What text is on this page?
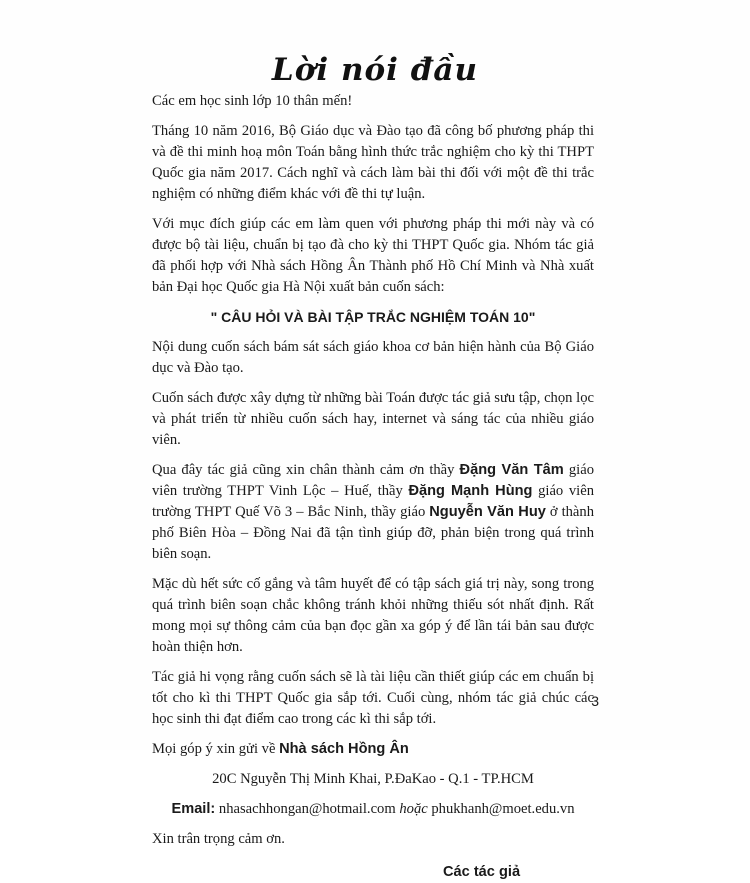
Lời nói đầu

Các em học sinh lớp 10 thân mến!

Tháng 10 năm 2016, Bộ Giáo dục và Đào tạo đã công bố phương pháp thi và đề thi minh hoạ môn Toán bằng hình thức trắc nghiệm cho kỳ thi THPT Quốc gia năm 2017. Cách nghĩ và cách làm bài thi đối với một đề thi trắc nghiệm có những điểm khác với đề thi tự luận.

Với mục đích giúp các em làm quen với phương pháp thi mới này và có được bộ tài liệu, chuẩn bị tạo đà cho kỳ thi THPT Quốc gia. Nhóm tác giả đã phối hợp với Nhà sách Hồng Ân Thành phố Hồ Chí Minh và Nhà xuất bản Đại học Quốc gia Hà Nội xuất bản cuốn sách:

" CÂU HỎI VÀ BÀI TẬP TRẮC NGHIỆM TOÁN 10"

Nội dung cuốn sách bám sát sách giáo khoa cơ bản hiện hành của Bộ Giáo dục và Đào tạo.

Cuốn sách được xây dựng từ những bài Toán được tác giả sưu tập, chọn lọc và phát triển từ nhiều cuốn sách hay, internet và sáng tác của nhiều giáo viên.

Qua đây tác giả cũng xin chân thành cảm ơn thầy Đặng Văn Tâm giáo viên trường THPT Vinh Lộc – Huế, thầy Đặng Mạnh Hùng giáo viên trường THPT Quế Võ 3 – Bắc Ninh, thầy giáo Nguyễn Văn Huy ở thành phố Biên Hòa – Đồng Nai đã tận tình giúp đỡ, phản biện trong quá trình biên soạn.

Mặc dù hết sức cố gắng và tâm huyết để có tập sách giá trị này, song trong quá trình biên soạn chắc không tránh khỏi những thiếu sót nhất định. Rất mong mọi sự thông cảm của bạn đọc gần xa góp ý để lần tái bản sau được hoàn thiện hơn.

Tác giả hi vọng rằng cuốn sách sẽ là tài liệu cần thiết giúp các em chuẩn bị tốt cho kì thi THPT Quốc gia sắp tới. Cuối cùng, nhóm tác giả chúc các học sinh thi đạt điểm cao trong các kì thi sắp tới.

Mọi góp ý xin gửi về Nhà sách Hồng Ân

20C Nguyễn Thị Minh Khai, P.ĐaKao - Q.1 - TP.HCM

Email: nhasachhongan@hotmail.com hoặc phukhanh@moet.edu.vn

Xin trân trọng cảm ơn.

Các tác giả
3
